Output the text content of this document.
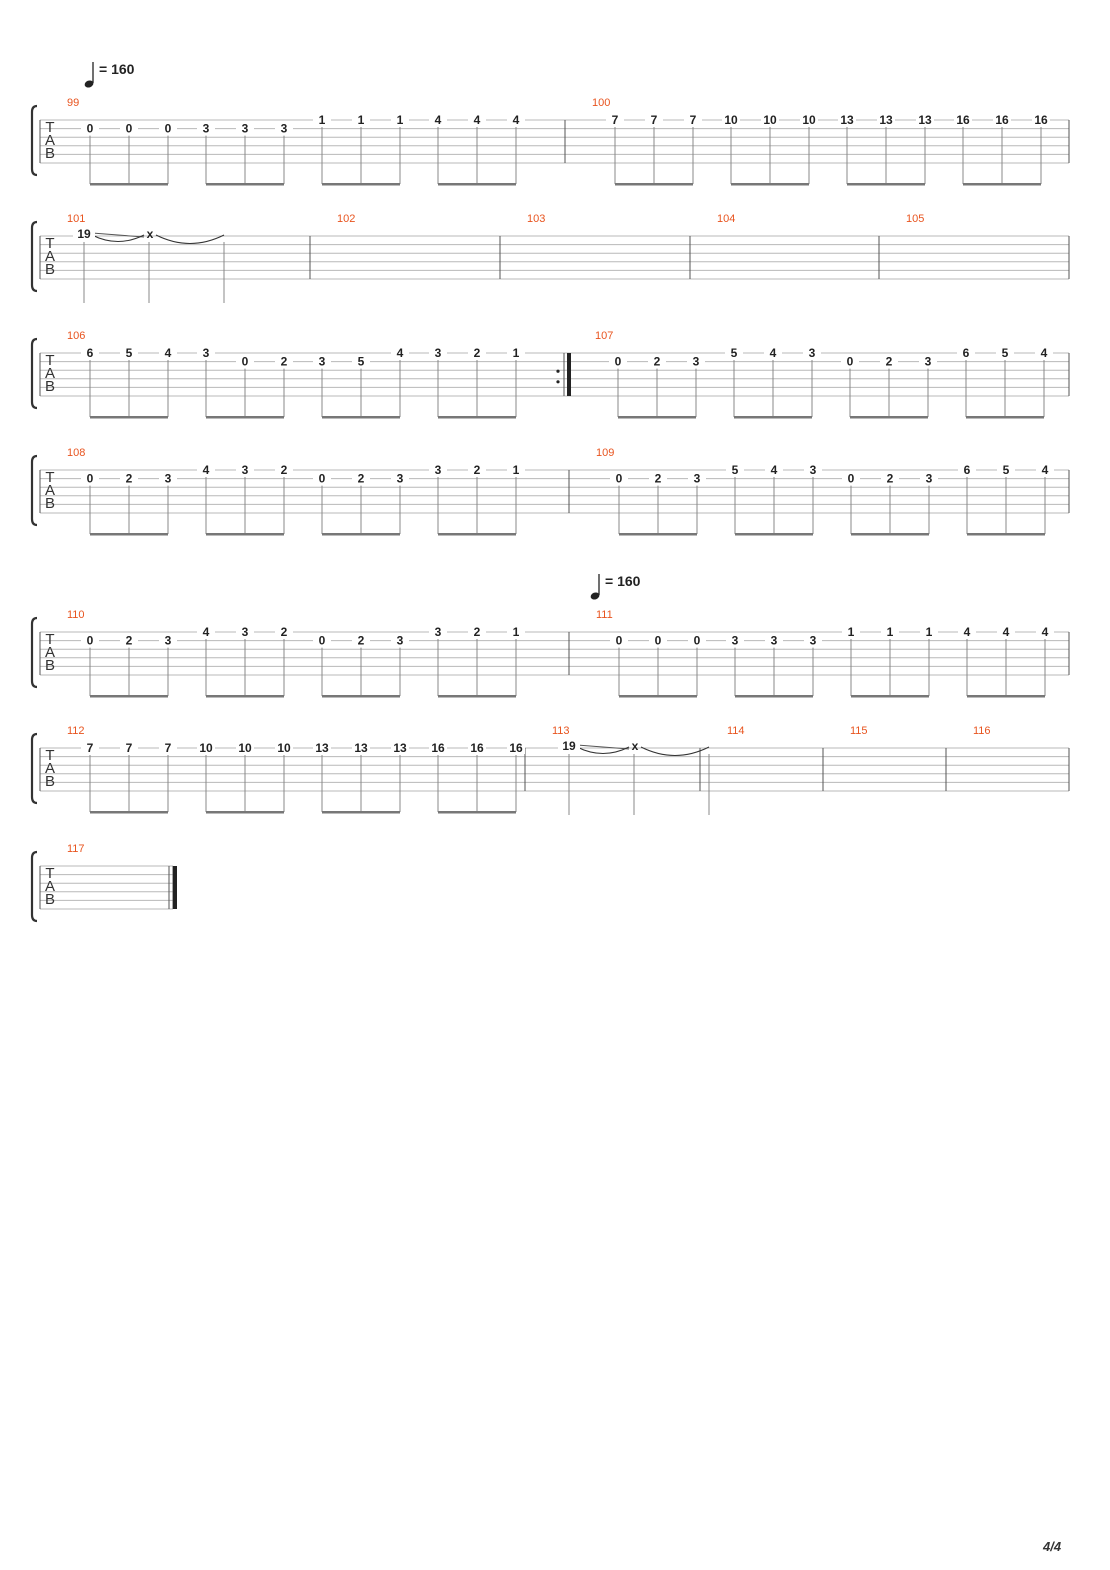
T
A
B
99
0	0	0	3	3	3
1	1	1	4	4	4
100
7	7	7 10 10 10 13 13 13 16 16 16
T
A
B
101
19	x
102	103	104	105
T
A
B
106
6	5	4	3
0	2	3	5
4	3	2	1
107
0	2	3
5	4	3
0	2	3
6	5	4
T
A
B
108
0	2	3
4	3	2
0	2	3
3	2	1
109
0	2	3
5	4	3
0	2	3
6	5	4
T
A
B
110
0	2	3
4	3	2
0	2	3
3	2	1
111
0	0	0	3	3	3
1	1	1	4	4	4
T
A
B
112
7	7	7 10 10 10 13 13 13 16 16 16
113
19	x
114	115	116
T
A
B
117
= 160
= 160
4/4
